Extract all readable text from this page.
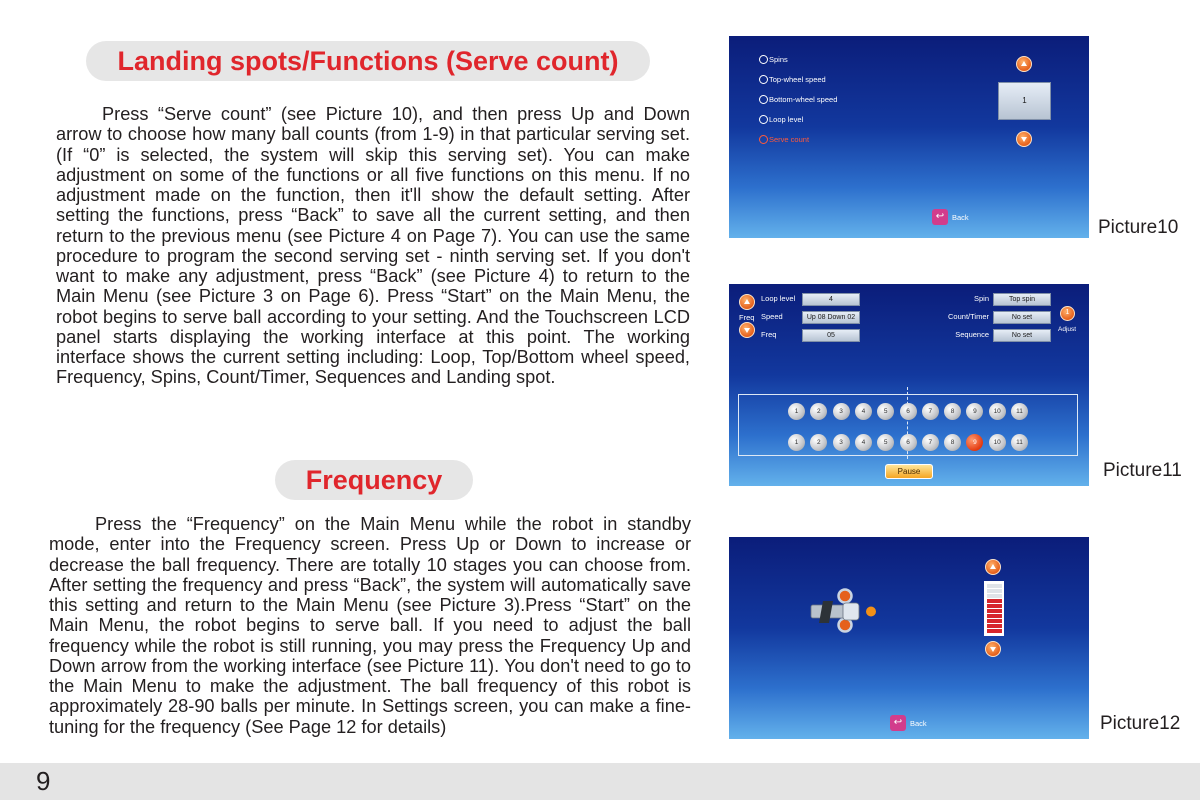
Landing spots/Functions (Serve count)

Press “Serve count” (see Picture 10), and then press Up and Down arrow to choose how many ball counts (from 1-9) in that particular serving set. (If “0” is selected, the system will skip this serving set). You can make adjustment on some of the functions or all five functions on this menu. If no adjustment made on the function, then it'll show the default setting. After setting the functions, press “Back” to save all the current setting, and then return to the previous menu (see Picture 4 on Page 7). You can use the same procedure to program the second serving set - ninth serving set. If you don't want to make any adjustment, press “Back” (see Picture 4) to return to the Main Menu (see Picture 3 on Page 6). Press “Start” on the Main Menu, the robot begins to serve ball according to your setting. And the Touchscreen LCD panel starts displaying the working interface at this point. The working interface shows the current setting including: Loop, Top/Bottom wheel speed, Frequency, Spins, Count/Timer, Sequences and Landing spot.

Frequency

Press the “Frequency” on the Main Menu while the robot in standby mode, enter into the Frequency screen. Press Up or Down to increase or decrease the ball frequency. There are totally 10 stages you can choose from. After setting the frequency and press “Back”, the system will automatically save this setting and return to the Main Menu (see Picture 3).Press “Start” on the Main Menu, the robot begins to serve ball. If you need to adjust the ball frequency while the robot is still running, you may press the Frequency Up and Down arrow from the working interface (see Picture 11). You don't need to go to the Main Menu to make the adjustment. The ball frequency of this robot is approximately 28-90 balls per minute. In Settings screen, you can make a fine-tuning for the frequency (See Page 12 for details)

Spins
Top-wheel speed
Bottom-wheel speed
Loop level
Serve count
1
↩	Back	Picture10
Freq
Loop level	4
Speed	Up 08 Down 02
Freq	05
Spin	Top spin
Count/Timer	No set
Sequence	No set
1
Adjust
1	2	3	4	5	6	7	8	9	10	11
1	2	3	4	5	6	7	8	9	10	11
Pause	Picture11
↩	Back	Picture12
9
